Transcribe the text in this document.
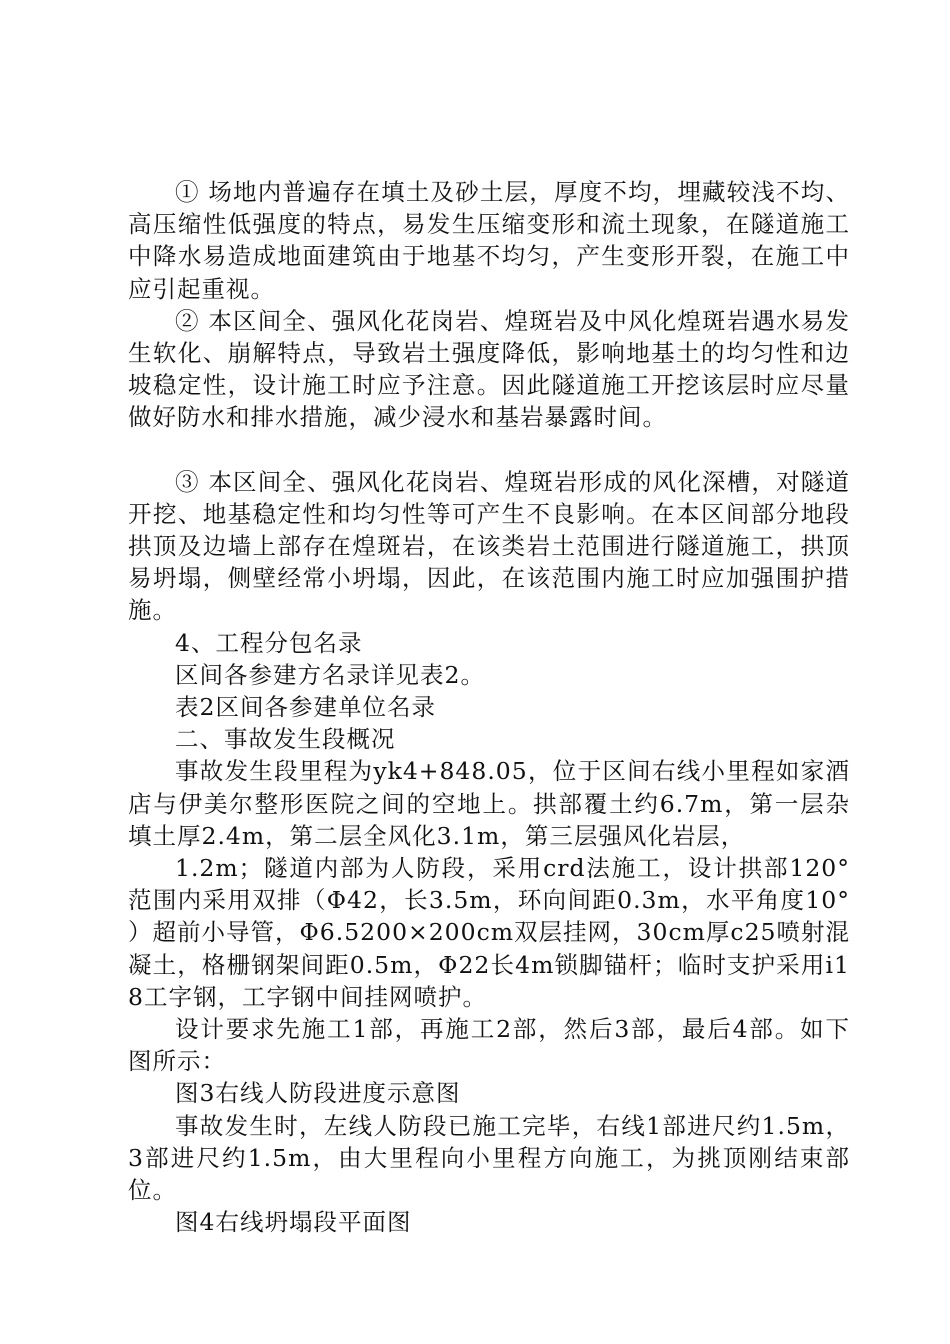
① 场地内普遍存在填土及砂土层，厚度不均，埋藏较浅不均、高压缩性低强度的特点，易发生压缩变形和流土现象，在隧道施工中降水易造成地面建筑由于地基不均匀，产生变形开裂，在施工中应引起重视。

② 本区间全、强风化花岗岩、煌斑岩及中风化煌斑岩遇水易发生软化、崩解特点，导致岩土强度降低，影响地基土的均匀性和边坡稳定性，设计施工时应予注意。因此隧道施工开挖该层时应尽量做好防水和排水措施，减少浸水和基岩暴露时间。

③ 本区间全、强风化花岗岩、煌斑岩形成的风化深槽，对隧道开挖、地基稳定性和均匀性等可产生不良影响。在本区间部分地段拱顶及边墙上部存在煌斑岩，在该类岩土范围进行隧道施工，拱顶易坍塌，侧壁经常小坍塌，因此，在该范围内施工时应加强围护措施。

4、工程分包名录

区间各参建方名录详见表2。

表2区间各参建单位名录

二、事故发生段概况

事故发生段里程为yk4+848.05，位于区间右线小里程如家酒店与伊美尔整形医院之间的空地上。拱部覆土约6.7m，第一层杂填土厚2.4m，第二层全风化3.1m，第三层强风化岩层，

1.2m；隧道内部为人防段，采用crd法施工，设计拱部120° 范围内采用双排（Φ42，长3.5m，环向间距0.3m，水平角度10° ）超前小导管，Φ6.5200×200cm双层挂网，30cm厚c25喷射混凝土，格栅钢架间距0.5m，Φ22长4m锁脚锚杆；临时支护采用i18工字钢，工字钢中间挂网喷护。

设计要求先施工1部，再施工2部，然后3部，最后4部。如下图所示：

图3右线人防段进度示意图

事故发生时，左线人防段已施工完毕，右线1部进尺约1.5m，3部进尺约1.5m，由大里程向小里程方向施工，为挑顶刚结束部位。

图4右线坍塌段平面图
